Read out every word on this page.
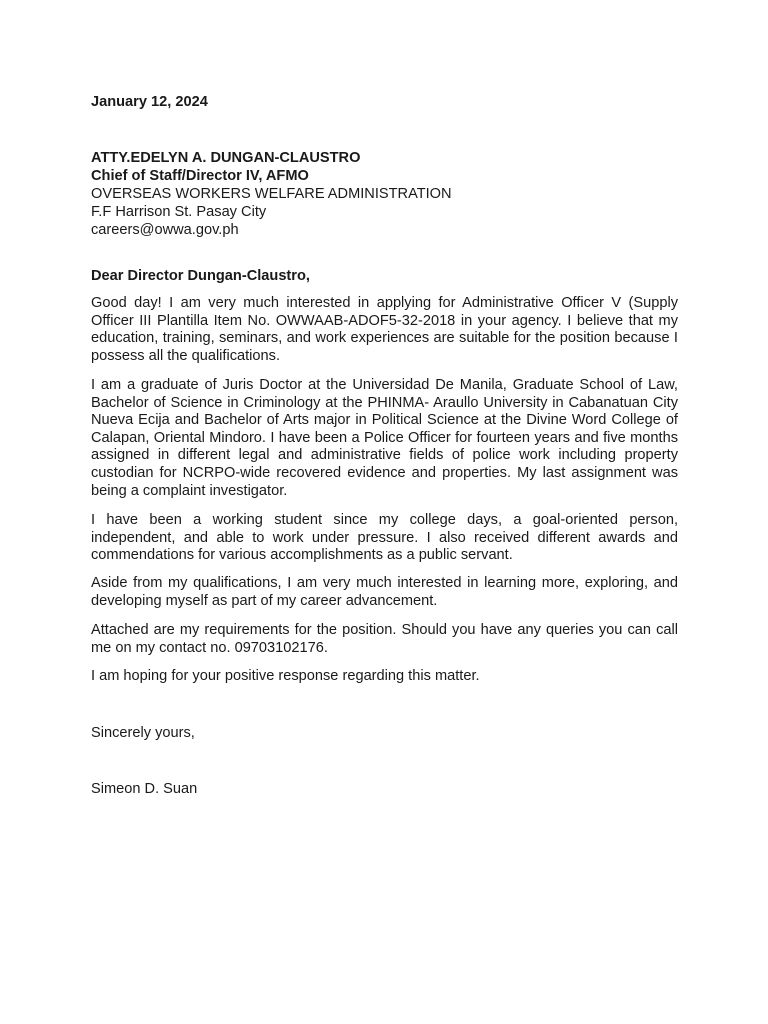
January 12, 2024
ATTY.EDELYN A. DUNGAN-CLAUSTRO
Chief of Staff/Director IV, AFMO
OVERSEAS WORKERS WELFARE ADMINISTRATION
F.F Harrison St. Pasay City
careers@owwa.gov.ph
Dear Director Dungan-Claustro,
Good day! I am very much interested in applying for Administrative Officer V (Supply Officer III Plantilla Item No. OWWAAB-ADOF5-32-2018 in your agency. I believe that my education, training, seminars, and work experiences are suitable for the position because I possess all the qualifications.
I am a graduate of Juris Doctor at the Universidad De Manila, Graduate School of Law, Bachelor of Science in Criminology at the PHINMA- Araullo University in Cabanatuan City Nueva Ecija and Bachelor of Arts major in Political Science at the Divine Word College of Calapan, Oriental Mindoro. I have been a Police Officer for fourteen years and five months assigned in different legal and administrative fields of police work including property custodian for NCRPO-wide recovered evidence and properties. My last assignment was being a complaint investigator.
I have been a working student since my college days, a goal-oriented person, independent, and able to work under pressure. I also received different awards and commendations for various accomplishments as a public servant.
Aside from my qualifications, I am very much interested in learning more, exploring, and developing myself as part of my career advancement.
Attached are my requirements for the position. Should you have any queries you can call me on my contact no. 09703102176.
I am hoping for your positive response regarding this matter.
Sincerely yours,
Simeon D. Suan
